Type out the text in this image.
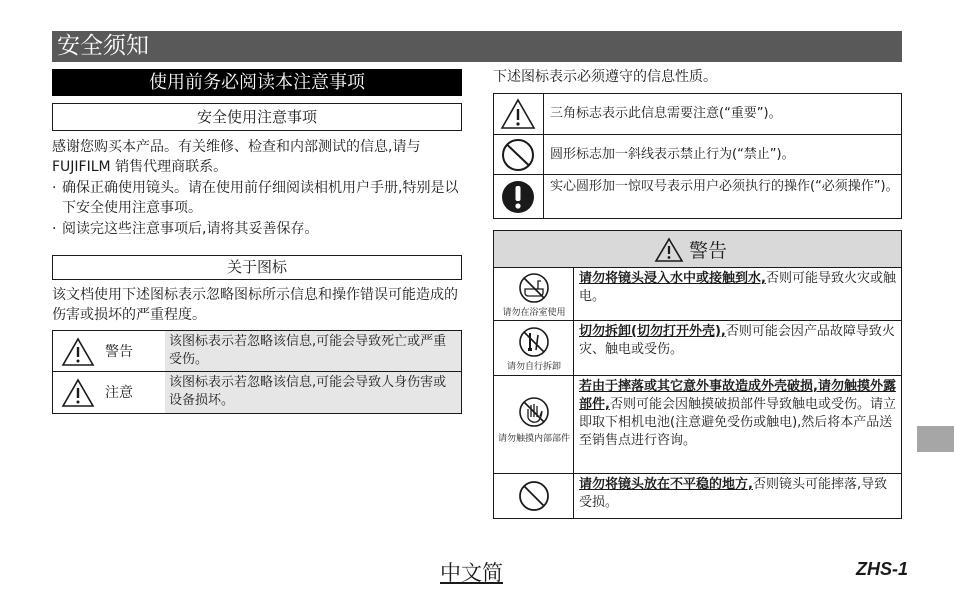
安全须知
使用前务必阅读本注意事项
安全使用注意事项
感谢您购买本产品。有关维修、检查和内部测试的信息,请与 FUJIFILM 销售代理商联系。
· 确保正确使用镜头。请在使用前仔细阅读相机用户手册,特别是以下安全使用注意事项。
· 阅读完这些注意事项后,请将其妥善保存。
关于图标
该文档使用下述图标表示忽略图标所示信息和操作错误可能造成的伤害或损坏的严重程度。
警告
该图标表示若忽略该信息,可能会导致死亡或严重受伤。
注意
该图标表示若忽略该信息,可能会导致人身伤害或设备损坏。
下述图标表示必须遵守的信息性质。
三角标志表示此信息需要注意(“重要”)。
圆形标志加一斜线表示禁止行为(“禁止”)。
实心圆形加一惊叹号表示用户必须执行的操作(“必须操作”)。
警告
请勿在浴室使用
请勿将镜头浸入水中或接触到水,否则可能导致火灾或触电。
请勿自行拆卸
切勿拆卸(切勿打开外壳),否则可能会因产品故障导致火灾、触电或受伤。
请勿触摸内部部件
若由于摔落或其它意外事故造成外壳破损,请勿触摸外露部件,否则可能会因触摸破损部件导致触电或受伤。请立即取下相机电池(注意避免受伤或触电),然后将本产品送至销售点进行咨询。
请勿将镜头放在不平稳的地方,否则镜头可能摔落,导致受损。
中文简	ZHS-1
